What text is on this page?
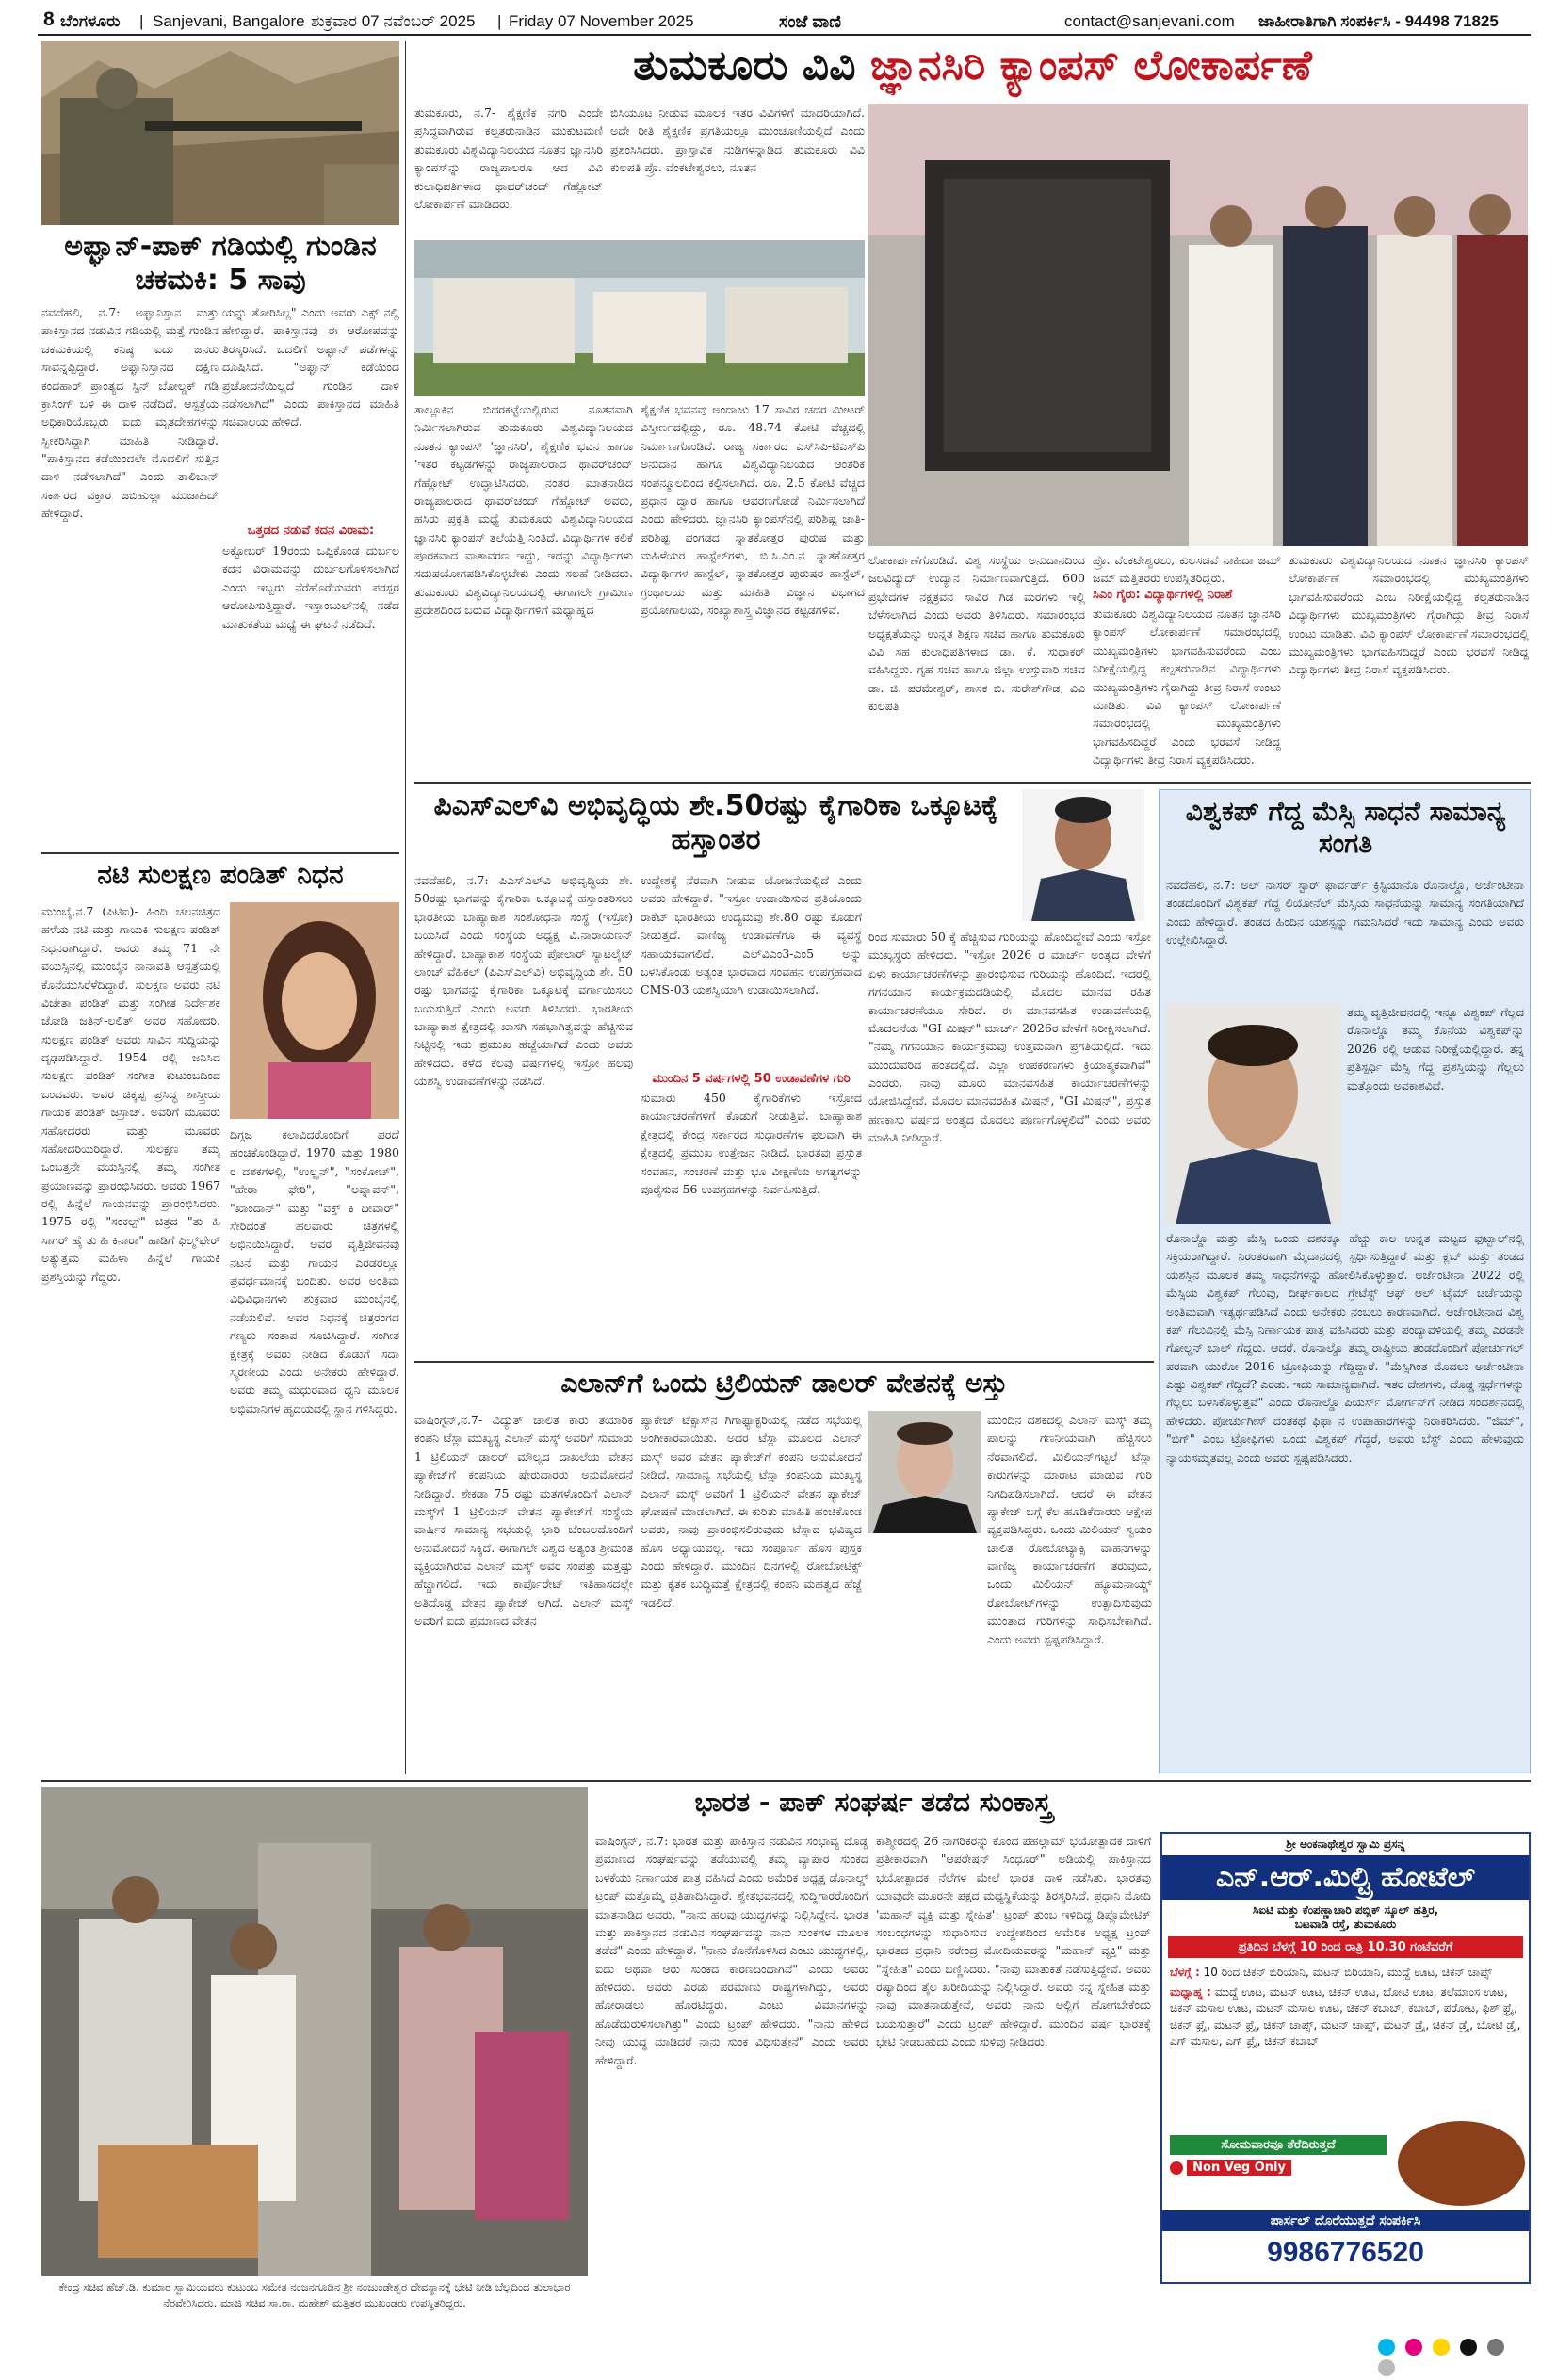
8 ಬೆಂಗಳೂರು | Sanjevani, Bangalore ಶುಕ್ರವಾರ 07 ನವೆಂಬರ್ 2025 | Friday 07 November 2025	ಸಂಜೆ ವಾಣಿ	contact@sanjevani.com ಜಾಹೀರಾತಿಗಾಗಿ ಸಂಪರ್ಕಿಸಿ - 94498 71825
ಅಫ್ಘಾನ್-ಪಾಕ್ ಗಡಿಯಲ್ಲಿ ಗುಂಡಿನ ಚಕಮಕಿ: 5 ಸಾವು
ನವದೆಹಲಿ, ನ.7: ಅಫ್ಘಾನಿಸ್ತಾನ ಮತ್ತು ಪಾಕಿಸ್ತಾನದ ನಡುವಿನ ಗಡಿಯಲ್ಲಿ ಮತ್ತೆ ಗುಂಡಿನ ಚಕಮಕಿಯಲ್ಲಿ ಕನಿಷ್ಠ ಐದು ಜನರು ಸಾವನ್ನಪ್ಪಿದ್ದಾರೆ. ಅಫ್ಘಾನಿಸ್ತಾನದ ದಕ್ಷಿಣ ಕಂದಹಾರ್ ಪ್ರಾಂತ್ಯದ ಸ್ಪಿನ್ ಬೋಲ್ಡಕ್ ಗಡಿ ಕ್ರಾಸಿಂಗ್ ಬಳಿ ಈ ದಾಳಿ ನಡೆದಿದೆ. ಆಸ್ಪತ್ರೆಯ ಅಧಿಕಾರಿಯೊಬ್ಬರು ಐದು ಮೃತದೇಹಗಳನ್ನು ಸ್ವೀಕರಿಸಿದ್ದಾಗಿ ಮಾಹಿತಿ ನೀಡಿದ್ದಾರೆ. "ಪಾಕಿಸ್ತಾನದ ಕಡೆಯಿಂದಲೇ ಮೊದಲಿಗೆ ಸುತ್ತಿನ ದಾಳಿ ನಡೆಸಲಾಗಿದೆ" ಎಂದು ತಾಲಿಬಾನ್ ಸರ್ಕಾರದ ವಕ್ತಾರ ಜಬಿಹುಲ್ಲಾ ಮುಜಾಹಿದ್ ಹೇಳಿದ್ದಾರೆ.
ಯನ್ನು ತೋರಿಸಿಲ್ಲ" ಎಂದು ಅವರು ಎಕ್ಸ್ ನಲ್ಲಿ ಹೇಳಿದ್ದಾರೆ. ಪಾಕಿಸ್ತಾನವು ಈ ಆರೋಪವನ್ನು ತಿರಸ್ಕರಿಸಿದೆ. ಬದಲಿಗೆ ಅಫ್ಘಾನ್ ಪಡೆಗಳನ್ನು ದೂಷಿಸಿದೆ. "ಅಫ್ಘಾನ್ ಕಡೆಯಿಂದ ಪ್ರಚೋದನೆಯಿಲ್ಲದೆ ಗುಂಡಿನ ದಾಳಿ ನಡೆಸಲಾಗಿದೆ" ಎಂದು ಪಾಕಿಸ್ತಾನದ ಮಾಹಿತಿ ಸಚಿವಾಲಯ ಹೇಳಿದೆ.
ಒತ್ತಡದ ನಡುವೆ ಕದನ ವಿರಾಮ:
ಅಕ್ಟೋಬರ್ 19ರಂದು ಒಪ್ಪಿಕೊಂಡ ದುರ್ಬಲ ಕದನ ವಿರಾಮವನ್ನು ದುರ್ಬಲಗೊಳಿಸಲಾಗಿದೆ ಎಂದು ಇಬ್ಬರು ನೆರೆಹೊರೆಯವರು ಪರಸ್ಪರ ಆರೋಪಿಸುತ್ತಿದ್ದಾರೆ. ಇಸ್ತಾಂಬುಲ್‌ನಲ್ಲಿ ನಡೆದ ಮಾತುಕತೆಯ ಮಧ್ಯೆ ಈ ಘಟನೆ ನಡೆದಿದೆ.
ತುಮಕೂರು ವಿವಿ ಜ್ಞಾನಸಿರಿ ಕ್ಯಾಂಪಸ್ ಲೋಕಾರ್ಪಣೆ
ತುಮಕೂರು, ನ.7- ಶೈಕ್ಷಣಿಕ ನಗರಿ ಎಂದೇ ಪ್ರಸಿದ್ಧವಾಗಿರುವ ಕಲ್ಪತರುನಾಡಿನ ಮುಕುಟಮಣಿ ತುಮಕೂರು ವಿಶ್ವವಿದ್ಯಾನಿಲಯದ ನೂತನ ಜ್ಞಾನಸಿರಿ ಕ್ಯಾಂಪಸ್‌ನ್ನು ರಾಜ್ಯಪಾಲರೂ ಆದ ವಿವಿ ಕುಲಾಧಿಪತಿಗಳಾದ ಥಾವರ್‌ಚಂದ್ ಗೆಹ್ಲೋಟ್ ಲೋಕಾರ್ಪಣೆ ಮಾಡಿದರು.
ಬಿಸಿಯೂಟ ನೀಡುವ ಮೂಲಕ ಇತರ ವಿವಿಗಳಿಗೆ ಮಾದರಿಯಾಗಿದೆ. ಅದೇ ರೀತಿ ಶೈಕ್ಷಣಿಕ ಪ್ರಗತಿಯಲ್ಲೂ ಮುಂಚೂಣಿಯಲ್ಲಿದೆ ಎಂದು ಪ್ರಶಂಸಿಸಿದರು. ಪ್ರಾಸ್ತಾವಿಕ ನುಡಿಗಳನ್ನಾಡಿದ ತುಮಕೂರು ವಿವಿ ಕುಲಪತಿ ಪ್ರೊ. ವೆಂಕಟೇಶ್ವರಲು, ನೂತನ
ತಾಲ್ಲೂಕಿನ ಬಿದರಕಟ್ಟೆಯಲ್ಲಿರುವ ನೂತನವಾಗಿ ನಿರ್ಮಿಸಲಾಗಿರುವ ತುಮಕೂರು ವಿಶ್ವವಿದ್ಯಾನಿಲಯದ ನೂತನ ಕ್ಯಾಂಪಸ್ 'ಜ್ಞಾನಸಿರಿ', ಶೈಕ್ಷಣಿಕ ಭವನ ಹಾಗೂ 'ಇತರ ಕಟ್ಟಡಗಳನ್ನು ರಾಜ್ಯಪಾಲರಾದ ಥಾವರ್‌ಚಂದ್ ಗೆಹ್ಲೋಟ್ ಉದ್ಘಾಟಿಸಿದರು. ನಂತರ ಮಾತನಾಡಿದ ರಾಜ್ಯಪಾಲರಾದ ಥಾವರ್‌ಚಂದ್ ಗೆಹ್ಲೋಟ್ ಅವರು, ಹಸಿರು ಪ್ರಕೃತಿ ಮಧ್ಯೆ ತುಮಕೂರು ವಿಶ್ವವಿದ್ಯಾನಿಲಯದ ಜ್ಞಾನಸಿರಿ ಕ್ಯಾಂಪಸ್ ತಲೆಯೆತ್ತಿ ನಿಂತಿದೆ. ವಿದ್ಯಾರ್ಥಿಗಳ ಕಲಿಕೆ ಪೂರಕವಾದ ವಾತಾವರಣ ಇದ್ದು, ಇದನ್ನು ವಿದ್ಯಾರ್ಥಿಗಳು ಸದುಪಯೋಗಪಡಿಸಿಕೊಳ್ಳಬೇಕು ಎಂದು ಸಲಹೆ ನೀಡಿದರು. ತುಮಕೂರು ವಿಶ್ವವಿದ್ಯಾನಿಲಯದಲ್ಲಿ ಈಗಾಗಲೇ ಗ್ರಾಮೀಣ ಪ್ರದೇಶದಿಂದ ಬರುವ ವಿದ್ಯಾರ್ಥಿಗಳಿಗೆ ಮಧ್ಯಾಹ್ನದ
ಶೈಕ್ಷಣಿಕ ಭವನವು ಅಂದಾಜು 17 ಸಾವಿರ ಚದರ ಮೀಟರ್ ವಿಸ್ತೀರ್ಣದಲ್ಲಿದ್ದು, ರೂ. 48.74 ಕೋಟಿ ವೆಚ್ಚದಲ್ಲಿ ನಿರ್ಮಾಣಗೊಂಡಿದೆ. ರಾಜ್ಯ ಸರ್ಕಾರದ ಎಸ್‌ಸಿಪಿ-ಟಿಎಸ್‌ಪಿ ಅನುದಾನ ಹಾಗೂ ವಿಶ್ವವಿದ್ಯಾನಿಲಯದ ಆಂತರಿಕ ಸಂಪನ್ಮೂಲದಿಂದ ಕಲ್ಪಿಸಲಾಗಿದೆ. ರೂ. 2.5 ಕೋಟಿ ವೆಚ್ಚದ ಪ್ರಧಾನ ದ್ವಾರ ಹಾಗೂ ಆವರಣಗೋಡೆ ನಿರ್ಮಿಸಲಾಗಿದೆ ಎಂದು ಹೇಳಿದರು. ಜ್ಞಾನಸಿರಿ ಕ್ಯಾಂಪಸ್‌ನಲ್ಲಿ ಪರಿಶಿಷ್ಟ ಜಾತಿ-ಪರಿಶಿಷ್ಟ ಪಂಗಡದ ಸ್ನಾತಕೋತ್ತರ ಪುರುಷ ಮತ್ತು ಮಹಿಳೆಯರ ಹಾಸ್ಟೆಲ್‌ಗಳು, ಬಿ.ಸಿ.ಎಂ.ನ ಸ್ನಾತಕೋತ್ತರ ವಿದ್ಯಾರ್ಥಿಗಳ ಹಾಸ್ಟೆಲ್, ಸ್ನಾತಕೋತ್ತರ ಪುರುಷರ ಹಾಸ್ಟೆಲ್, ಗ್ರಂಥಾಲಯ ಮತ್ತು ಮಾಹಿತಿ ವಿಜ್ಞಾನ ವಿಭಾಗದ ಪ್ರಯೋಗಾಲಯ, ಸಂಖ್ಯಾಶಾಸ್ತ್ರ ವಿಜ್ಞಾನದ ಕಟ್ಟಡಗಳಿವೆ.
ಲೋಕಾರ್ಪಣೆಗೊಂಡಿದೆ. ವಿಶ್ವ ಸಂಸ್ಥೆಯ ಅನುದಾನದಿಂದ ಜಲವಿದ್ಯುದ್ ಉದ್ಯಾನ ನಿರ್ಮಾಣವಾಗುತ್ತಿದೆ. 600 ಪ್ರಭೇದಗಳ ನಕ್ಷತ್ರವನ ಸಾವಿರ ಗಿಡ ಮರಗಳು ಇಲ್ಲಿ ಬೆಳೆಸಲಾಗಿದೆ ಎಂದು ಅವರು ತಿಳಿಸಿದರು. ಸಮಾರಂಭದ ಅಧ್ಯಕ್ಷತೆಯನ್ನು ಉನ್ನತ ಶಿಕ್ಷಣ ಸಚಿವ ಹಾಗೂ ತುಮಕೂರು ವಿವಿ ಸಹ ಕುಲಾಧಿಪತಿಗಳಾದ ಡಾ. ಕೆ. ಸುಧಾಕರ್ ವಹಿಸಿದ್ದರು. ಗೃಹ ಸಚಿವ ಹಾಗೂ ಜಿಲ್ಲಾ ಉಸ್ತುವಾರಿ ಸಚಿವ ಡಾ. ಜಿ. ಪರಮೇಶ್ವರ್, ಶಾಸಕ ಬಿ. ಸುರೇಶ್‌ಗೌಡ, ವಿವಿ ಕುಲಪತಿ
ಪ್ರೊ. ವೆಂಕಟೇಶ್ವರಲು, ಕುಲಸಚಿವೆ ನಾಹಿದಾ ಜಮ್ ಜಮ್ ಮತ್ತಿತರರು ಉಪಸ್ಥಿತರಿದ್ದರು.
ಸಿಎಂ ಗೈರು: ವಿದ್ಯಾರ್ಥಿಗಳಲ್ಲಿ ನಿರಾಶೆ
ತುಮಕೂರು ವಿಶ್ವವಿದ್ಯಾನಿಲಯದ ನೂತನ ಜ್ಞಾನಸಿರಿ ಕ್ಯಾಂಪಸ್ ಲೋಕಾರ್ಪಣೆ ಸಮಾರಂಭದಲ್ಲಿ ಮುಖ್ಯಮಂತ್ರಿಗಳು ಭಾಗವಹಿಸುವರೆಂದು ಎಂಬ ನಿರೀಕ್ಷೆಯಲ್ಲಿದ್ದ ಕಲ್ಪತರುನಾಡಿನ ವಿದ್ಯಾರ್ಥಿಗಳು ಮುಖ್ಯಮಂತ್ರಿಗಳು ಗೈರಾಗಿದ್ದು ತೀವ್ರ ನಿರಾಸೆ ಉಂಟು ಮಾಡಿತು. ವಿವಿ ಕ್ಯಾಂಪಸ್ ಲೋಕಾರ್ಪಣೆ ಸಮಾರಂಭದಲ್ಲಿ ಮುಖ್ಯಮಂತ್ರಿಗಳು ಭಾಗವಹಿಸದಿದ್ದರೆ ಎಂದು ಭರವಸೆ ನೀಡಿದ್ದ ವಿದ್ಯಾರ್ಥಿಗಳು ತೀವ್ರ ನಿರಾಸೆ ವ್ಯಕ್ತಪಡಿಸಿದರು.
ತುಮಕೂರು ವಿಶ್ವವಿದ್ಯಾನಿಲಯದ ನೂತನ ಜ್ಞಾನಸಿರಿ ಕ್ಯಾಂಪಸ್ ಲೋಕಾರ್ಪಣೆ ಸಮಾರಂಭದಲ್ಲಿ ಮುಖ್ಯಮಂತ್ರಿಗಳು ಭಾಗವಹಿಸುವರೆಂದು ಎಂಬ ನಿರೀಕ್ಷೆಯಲ್ಲಿದ್ದ ಕಲ್ಪತರುನಾಡಿನ ವಿದ್ಯಾರ್ಥಿಗಳು ಮುಖ್ಯಮಂತ್ರಿಗಳು ಗೈರಾಗಿದ್ದು ತೀವ್ರ ನಿರಾಸೆ ಉಂಟು ಮಾಡಿತು. ವಿವಿ ಕ್ಯಾಂಪಸ್ ಲೋಕಾರ್ಪಣೆ ಸಮಾರಂಭದಲ್ಲಿ ಮುಖ್ಯಮಂತ್ರಿಗಳು ಭಾಗವಹಿಸದಿದ್ದರೆ ಎಂದು ಭರವಸೆ ನೀಡಿದ್ದ ವಿದ್ಯಾರ್ಥಿಗಳು ತೀವ್ರ ನಿರಾಸೆ ವ್ಯಕ್ತಪಡಿಸಿದರು.
ನಟಿ ಸುಲಕ್ಷಣ ಪಂಡಿತ್ ನಿಧನ
ಮುಂಬೈ,ನ.7 (ಪಿಟಿಐ)- ಹಿಂದಿ ಚಲನಚಿತ್ರದ ಹಳೆಯ ನಟಿ ಮತ್ತು ಗಾಯಕಿ ಸುಲಕ್ಷಣ ಪಂಡಿತ್ ನಿಧನರಾಗಿದ್ದಾರೆ. ಅವರು ತಮ್ಮ 71 ನೇ ವಯಸ್ಸಿನಲ್ಲಿ ಮುಂಬೈನ ನಾನಾವತಿ ಆಸ್ಪತ್ರೆಯಲ್ಲಿ ಕೊನೆಯುಸಿರೆಳೆದಿದ್ದಾರೆ. ಸುಲಕ್ಷಣ ಅವರು ನಟಿ ವಿಜೇತಾ ಪಂಡಿತ್ ಮತ್ತು ಸಂಗೀತ ನಿರ್ದೇಶಕ ಜೋಡಿ ಜತಿನ್-ಲಲಿತ್ ಅವರ ಸಹೋದರಿ. ಸುಲಕ್ಷಣ ಪಂಡಿತ್ ಅವರು ಸಾವಿನ ಸುದ್ದಿಯನ್ನು ದೃಢಪಡಿಸಿದ್ದಾರೆ. 1954 ರಲ್ಲಿ ಜನಿಸಿದ ಸುಲಕ್ಷಣ ಪಂಡಿತ್ ಸಂಗೀತ ಕುಟುಂಬದಿಂದ ಬಂದವರು. ಅವರ ಚಿಕ್ಕಪ್ಪ ಪ್ರಸಿದ್ಧ ಶಾಸ್ತ್ರೀಯ ಗಾಯಕ ಪಂಡಿತ್ ಜಸ್ರಾಜ್. ಅವರಿಗೆ ಮೂವರು ಸಹೋದರರು ಮತ್ತು ಮೂವರು ಸಹೋದರಿಯರಿದ್ದಾರೆ. ಸುಲಕ್ಷಣ ತಮ್ಮ ಒಂಬತ್ತನೇ ವಯಸ್ಸಿನಲ್ಲಿ ತಮ್ಮ ಸಂಗೀತ ಪ್ರಯಾಣವನ್ನು ಪ್ರಾರಂಭಿಸಿದರು. ಅವರು 1967 ರಲ್ಲಿ ಹಿನ್ನೆಲೆ ಗಾಯನವನ್ನು ಪ್ರಾರಂಭಿಸಿದರು. 1975 ರಲ್ಲಿ "ಸಂಕಲ್ಪ್" ಚಿತ್ರದ "ತು ಹಿ ಸಾಗರ್ ಹೈ ತು ಹಿ ಕಿನಾರಾ" ಹಾಡಿಗೆ ಫಿಲ್ಮ್‌ಫೇರ್ ಅತ್ಯುತ್ತಮ ಮಹಿಳಾ ಹಿನ್ನೆಲೆ ಗಾಯಕಿ ಪ್ರಶಸ್ತಿಯನ್ನು ಗೆದ್ದರು.
ದಿಗ್ಗಜ ಕಲಾವಿದರೊಂದಿಗೆ ಪರದೆ ಹಂಚಿಕೊಂಡಿದ್ದಾರೆ. 1970 ಮತ್ತು 1980 ರ ದಶಕಗಳಲ್ಲಿ, "ಉಲ್ಝನ್", "ಸಂಕೋಚ್", "ಹೇರಾ ಫೇರಿ", "ಅಪ್ನಾಪನ್", "ಖಾಂದಾನ್" ಮತ್ತು "ವಕ್ತ್ ಕಿ ದೀವಾರ್" ಸೇರಿದಂತೆ ಹಲವಾರು ಚಿತ್ರಗಳಲ್ಲಿ ಅಭಿನಯಿಸಿದ್ದಾರೆ. ಅವರ ವೃತ್ತಿಜೀವನವು ನಟನೆ ಮತ್ತು ಗಾಯನ ಎರಡರಲ್ಲೂ ಪ್ರವರ್ಧಮಾನಕ್ಕೆ ಬಂದಿತು. ಅವರ ಅಂತಿಮ ವಿಧಿವಿಧಾನಗಳು ಶುಕ್ರವಾರ ಮುಂಬೈನಲ್ಲಿ ನಡೆಯಲಿವೆ. ಅವರ ನಿಧನಕ್ಕೆ ಚಿತ್ರರಂಗದ ಗಣ್ಯರು ಸಂತಾಪ ಸೂಚಿಸಿದ್ದಾರೆ. ಸಂಗೀತ ಕ್ಷೇತ್ರಕ್ಕೆ ಅವರು ನೀಡಿದ ಕೊಡುಗೆ ಸದಾ ಸ್ಮರಣೀಯ ಎಂದು ಅನೇಕರು ಹೇಳಿದ್ದಾರೆ. ಅವರು ತಮ್ಮ ಮಧುರವಾದ ಧ್ವನಿ ಮೂಲಕ ಅಭಿಮಾನಿಗಳ ಹೃದಯದಲ್ಲಿ ಸ್ಥಾನ ಗಳಿಸಿದ್ದರು.
ಪಿಎಸ್‌ಎಲ್‌ವಿ ಅಭಿವೃದ್ಧಿಯ ಶೇ.50ರಷ್ಟು ಕೈಗಾರಿಕಾ ಒಕ್ಕೂಟಕ್ಕೆ ಹಸ್ತಾಂತರ
ನವದೆಹಲಿ, ನ.7: ಪಿಎಸ್‌ಎಲ್‌ವಿ ಅಭಿವೃದ್ಧಿಯ ಶೇ. 50ರಷ್ಟು ಭಾಗವನ್ನು ಕೈಗಾರಿಕಾ ಒಕ್ಕೂಟಕ್ಕೆ ಹಸ್ತಾಂತರಿಸಲು ಭಾರತೀಯ ಬಾಹ್ಯಾಕಾಶ ಸಂಶೋಧನಾ ಸಂಸ್ಥೆ (ಇಸ್ರೋ) ಬಯಸಿದೆ ಎಂದು ಸಂಸ್ಥೆಯ ಅಧ್ಯಕ್ಷ ವಿ.ನಾರಾಯಣನ್ ಹೇಳಿದ್ದಾರೆ. ಬಾಹ್ಯಾಕಾಶ ಸಂಸ್ಥೆಯ ಪೋಲಾರ್ ಸ್ಯಾಟಲೈಟ್ ಲಾಂಚ್ ವೆಹಿಕಲ್ (ಪಿಎಸ್‌ಎಲ್‌ವಿ) ಅಭಿವೃದ್ಧಿಯ ಶೇ. 50 ರಷ್ಟು ಭಾಗವನ್ನು ಕೈಗಾರಿಕಾ ಒಕ್ಕೂಟಕ್ಕೆ ವರ್ಗಾಯಿಸಲು ಬಯಸುತ್ತಿದೆ ಎಂದು ಅವರು ತಿಳಿಸಿದರು. ಭಾರತೀಯ ಬಾಹ್ಯಾಕಾಶ ಕ್ಷೇತ್ರದಲ್ಲಿ ಖಾಸಗಿ ಸಹಭಾಗಿತ್ವವನ್ನು ಹೆಚ್ಚಿಸುವ ನಿಟ್ಟಿನಲ್ಲಿ ಇದು ಪ್ರಮುಖ ಹೆಜ್ಜೆಯಾಗಿದೆ ಎಂದು ಅವರು ಹೇಳಿದರು. ಕಳೆದ ಕೆಲವು ವರ್ಷಗಳಲ್ಲಿ ಇಸ್ರೋ ಹಲವು ಯಶಸ್ವಿ ಉಡಾವಣೆಗಳನ್ನು ನಡೆಸಿದೆ.
ಉದ್ದೇಶಕ್ಕೆ ನೆರವಾಗಿ ನೀಡುವ ಯೋಜನೆಯಲ್ಲಿದೆ ಎಂದು ಅವರು ಹೇಳಿದ್ದಾರೆ. "ಇಸ್ರೋ ಉಡಾಯಿಸುವ ಪ್ರತಿಯೊಂದು ರಾಕೆಟ್ ಭಾರತೀಯ ಉದ್ಯಮವು ಶೇ.80 ರಷ್ಟು ಕೊಡುಗೆ ನೀಡುತ್ತದೆ. ವಾಣಿಜ್ಯ ಉಡಾವಣೆಗೂ ಈ ವ್ಯವಸ್ಥೆ ಸಹಾಯಕವಾಗಲಿದೆ. ಎಲ್‌ವಿಎಂ3-ಎಂ5 ಅನ್ನು ಬಳಸಿಕೊಂಡು ಅತ್ಯಂತ ಭಾರವಾದ ಸಂವಹನ ಉಪಗ್ರಹವಾದ CMS-03 ಯಶಸ್ವಿಯಾಗಿ ಉಡಾಯಿಸಲಾಗಿದೆ.
ಮುಂದಿನ 5 ವರ್ಷಗಳಲ್ಲಿ 50 ಉಡಾವಣೆಗಳ ಗುರಿ
ಸುಮಾರು 450 ಕೈಗಾರಿಕೆಗಳು ಇಸ್ರೋದ ಕಾರ್ಯಾಚರಣೆಗಳಿಗೆ ಕೊಡುಗೆ ನೀಡುತ್ತಿವೆ. ಬಾಹ್ಯಾಕಾಶ ಕ್ಷೇತ್ರದಲ್ಲಿ ಕೇಂದ್ರ ಸರ್ಕಾರದ ಸುಧಾರಣೆಗಳ ಫಲವಾಗಿ ಈ ಕ್ಷೇತ್ರದಲ್ಲಿ ಪ್ರಮುಖ ಉತ್ತೇಜನ ನೀಡಿದೆ. ಭಾರತವು ಪ್ರಸ್ತುತ ಸಂವಹನ, ಸಂಚರಣೆ ಮತ್ತು ಭೂ ವೀಕ್ಷಣೆಯ ಅಗತ್ಯಗಳನ್ನು ಪೂರೈಸುವ 56 ಉಪಗ್ರಹಗಳನ್ನು ನಿರ್ವಹಿಸುತ್ತಿದೆ.
ರಿಂದ ಸುಮಾರು 50 ಕ್ಕೆ ಹೆಚ್ಚಿಸುವ ಗುರಿಯನ್ನು ಹೊಂದಿದ್ದೇವೆ ಎಂದು ಇಸ್ರೋ ಮುಖ್ಯಸ್ಥರು ಹೇಳಿದರು. "ಇಸ್ರೋ 2026 ರ ಮಾರ್ಚ್ ಅಂತ್ಯದ ವೇಳೆಗೆ ಏಳು ಕಾರ್ಯಾಚರಣೆಗಳನ್ನು ಪ್ರಾರಂಭಿಸುವ ಗುರಿಯನ್ನು ಹೊಂದಿದೆ. ಇದರಲ್ಲಿ ಗಗನಯಾನ ಕಾರ್ಯಕ್ರಮದಡಿಯಲ್ಲಿ ಮೊದಲ ಮಾನವ ರಹಿತ ಕಾರ್ಯಾಚರಣೆಯೂ ಸೇರಿದೆ. ಈ ಮಾನವಸಹಿತ ಉಡಾವಣೆಯಲ್ಲಿ ಮೊದಲನೆಯ "GI ಮಿಷನ್" ಮಾರ್ಚ್ 2026ರ ವೇಳೆಗೆ ನಿರೀಕ್ಷಿಸಲಾಗಿದೆ. "ನಮ್ಮ ಗಗನಯಾನ ಕಾರ್ಯಕ್ರಮವು ಉತ್ತಮವಾಗಿ ಪ್ರಗತಿಯಲ್ಲಿದೆ. ಇದು ಮುಂದುವರಿದ ಹಂತದಲ್ಲಿದೆ. ಎಲ್ಲಾ ಉಪಕರಣಗಳು ಕ್ರಿಯಾತ್ಮಕವಾಗಿವೆ" ಎಂದರು. ನಾವು ಮೂರು ಮಾನವಸಹಿತ ಕಾರ್ಯಾಚರಣೆಗಳನ್ನು ಯೋಜಿಸಿದ್ದೇವೆ. ಮೊದಲ ಮಾನವರಹಿತ ಮಿಷನ್, "GI ಮಿಷನ್", ಪ್ರಸ್ತುತ ಹಣಕಾಸು ವರ್ಷದ ಅಂತ್ಯದ ಮೊದಲು ಪೂರ್ಣಗೊಳ್ಳಲಿದೆ" ಎಂದು ಅವರು ಮಾಹಿತಿ ನೀಡಿದ್ದಾರೆ.
ಎಲಾನ್‌ಗೆ ಒಂದು ಟ್ರಿಲಿಯನ್ ಡಾಲರ್ ವೇತನಕ್ಕೆ ಅಸ್ತು
ವಾಷಿಂಗ್ಟನ್,ನ.7- ವಿದ್ಯುತ್ ಚಾಲಿತ ಕಾರು ತಯಾರಿಕ ಕಂಪನಿ ಟೆಸ್ಲಾ ಮುಖ್ಯಸ್ಥ ಎಲಾನ್ ಮಸ್ಕ್ ಅವರಿಗೆ ಸುಮಾರು 1 ಟ್ರಿಲಿಯನ್ ಡಾಲರ್ ಮೌಲ್ಯದ ದಾಖಲೆಯ ವೇತನ ಪ್ಯಾಕೇಜ್‌ಗೆ ಕಂಪನಿಯ ಷೇರುದಾರರು ಅನುಮೋದನೆ ನೀಡಿದ್ದಾರೆ. ಶೇಕಡಾ 75 ರಷ್ಟು ಮತಗಳೊಂದಿಗೆ ಎಲಾನ್ ಮಸ್ಕ್‌ಗೆ 1 ಟ್ರಿಲಿಯನ್ ವೇತನ ಪ್ಯಾಕೇಜ್‌ಗೆ ಸಂಸ್ಥೆಯ ವಾರ್ಷಿಕ ಸಾಮಾನ್ಯ ಸಭೆಯಲ್ಲಿ ಭಾರಿ ಬೆಂಬಲದೊಂದಿಗೆ ಅನುಮೋದನೆ ಸಿಕ್ಕಿದೆ. ಈಗಾಗಲೇ ವಿಶ್ವದ ಅತ್ಯಂತ ಶ್ರೀಮಂತ ವ್ಯಕ್ತಿಯಾಗಿರುವ ಎಲಾನ್ ಮಸ್ಕ್ ಅವರ ಸಂಪತ್ತು ಮತ್ತಷ್ಟು ಹೆಚ್ಚಾಗಲಿದೆ. ಇದು ಕಾರ್ಪೊರೇಟ್ ಇತಿಹಾಸದಲ್ಲೇ ಅತಿದೊಡ್ಡ ವೇತನ ಪ್ಯಾಕೇಜ್ ಆಗಿದೆ. ಎಲಾನ್ ಮಸ್ಕ್ ಅವರಿಗೆ ಐದು ಪ್ರಮಾಣದ ವೇತನ
ಪ್ಯಾಕೇಜ್ ಟೆಕ್ಸಾಸ್‌ನ ಗಿಗಾಫ್ಯಾಕ್ಟರಿಯಲ್ಲಿ ನಡೆದ ಸಭೆಯಲ್ಲಿ ಅಂಗೀಕಾರವಾಯಿತು. ಅದರ ಟೆಸ್ಲಾ ಮೂಲದ ಎಲಾನ್ ಮಸ್ಕ್ ಅವರ ವೇತನ ಪ್ಯಾಕೇಜ್‌ಗೆ ಕಂಪನಿ ಅನುಮೋದನೆ ನೀಡಿದೆ. ಸಾಮಾನ್ಯ ಸಭೆಯಲ್ಲಿ ಟೆಸ್ಲಾ ಕಂಪನಿಯ ಮುಖ್ಯಸ್ಥ ಎಲಾನ್ ಮಸ್ಕ್ ಅವರಿಗೆ 1 ಟ್ರಿಲಿಯನ್ ವೇತನ ಪ್ಯಾಕೇಜ್ ಘೋಷಣೆ ಮಾಡಲಾಗಿದೆ. ಈ ಕುರಿತು ಮಾಹಿತಿ ಹಂಚಿಕೊಂಡ ಅವರು, ನಾವು ಪ್ರಾರಂಭಿಸಲಿರುವುದು ಟೆಸ್ಲಾದ ಭವಿಷ್ಯದ ಹೊಸ ಅಧ್ಯಾಯವಲ್ಲ. ಇದು ಸಂಪೂರ್ಣ ಹೊಸ ಪುಸ್ತಕ ಎಂದು ಹೇಳಿದ್ದಾರೆ. ಮುಂದಿನ ದಿನಗಳಲ್ಲಿ ರೋಬೋಟಿಕ್ಸ್ ಮತ್ತು ಕೃತಕ ಬುದ್ಧಿಮತ್ತೆ ಕ್ಷೇತ್ರದಲ್ಲಿ ಕಂಪನಿ ಮಹತ್ವದ ಹೆಜ್ಜೆ ಇಡಲಿದೆ.
ಮುಂದಿನ ದಶಕದಲ್ಲಿ ಎಲಾನ್ ಮಸ್ಕ್ ತಮ್ಮ ಪಾಲನ್ನು ಗಣನೀಯವಾಗಿ ಹೆಚ್ಚಿಸಲು ನೆರವಾಗಲಿದೆ. ಮಿಲಿಯನ್‌ಗಟ್ಟಲೆ ಟೆಸ್ಲಾ ಕಾರುಗಳನ್ನು ಮಾರಾಟ ಮಾಡುವ ಗುರಿ ನಿಗದಿಪಡಿಸಲಾಗಿದೆ. ಆದರೆ ಈ ವೇತನ ಪ್ಯಾಕೇಜ್‌ ಬಗ್ಗೆ ಕೆಲ ಹೂಡಿಕೆದಾರರು ಆಕ್ಷೇಪ ವ್ಯಕ್ತಪಡಿಸಿದ್ದರು. ಒಂದು ಮಿಲಿಯನ್ ಸ್ವಯಂ ಚಾಲಿತ ರೋಬೋಟ್ಯಾಕ್ಸಿ ವಾಹನಗಳನ್ನು ವಾಣಿಜ್ಯ ಕಾರ್ಯಾಚರಣೆಗೆ ತರುವುದು, ಒಂದು ಮಿಲಿಯನ್ ಹ್ಯೂಮನಾಯ್ಡ್ ರೋಬೋಟ್‌ಗಳನ್ನು ಉತ್ಪಾದಿಸುವುದು ಮುಂತಾದ ಗುರಿಗಳನ್ನು ಸಾಧಿಸಬೇಕಾಗಿದೆ. ಎಂದು ಅವರು ಸ್ಪಷ್ಟಪಡಿಸಿದ್ದಾರೆ.
ವಿಶ್ವಕಪ್ ಗೆದ್ದ ಮೆಸ್ಸಿ ಸಾಧನೆ ಸಾಮಾನ್ಯ ಸಂಗತಿ
ನವದೆಹಲಿ, ನ.7: ಅಲ್ ನಾಸರ್ ಸ್ಟಾರ್ ಫಾರ್ವರ್ಡ್ ಕ್ರಿಸ್ಟಿಯಾನೊ ರೊನಾಲ್ಡೊ, ಅರ್ಜೆಂಟೀನಾ ತಂಡದೊಂದಿಗೆ ವಿಶ್ವಕಪ್ ಗೆದ್ದ ಲಿಯೋನೆಲ್ ಮೆಸ್ಸಿಯ ಸಾಧನೆಯನ್ನು ಸಾಮಾನ್ಯ ಸಂಗತಿಯಾಗಿದೆ ಎಂದು ಹೇಳಿದ್ದಾರೆ. ತಂಡದ ಹಿಂದಿನ ಯಶಸ್ಸನ್ನು ಗಮನಿಸಿದರೆ ಇದು ಸಾಮಾನ್ಯ ಎಂದು ಅವರು ಉಲ್ಲೇಖಿಸಿದ್ದಾರೆ.
ತಮ್ಮ ವೃತ್ತಿಜೀವನದಲ್ಲಿ ಇನ್ನೂ ವಿಶ್ವಕಪ್ ಗೆಲ್ಲದ ರೊನಾಲ್ಡೊ ತಮ್ಮ ಕೊನೆಯ ವಿಶ್ವಕಪ್‌ನ್ನು 2026 ರಲ್ಲಿ ಆಡುವ ನಿರೀಕ್ಷೆಯಲ್ಲಿದ್ದಾರೆ. ತನ್ನ ಪ್ರತಿಸ್ಪರ್ಧಿ ಮೆಸ್ಸಿ ಗೆದ್ದ ಪ್ರಶಸ್ತಿಯನ್ನು ಗೆಲ್ಲಲು ಮತ್ತೊಂದು ಅವಕಾಶವಿದೆ.
ರೊನಾಲ್ಡೊ ಮತ್ತು ಮೆಸ್ಸಿ ಒಂದು ದಶಕಕ್ಕೂ ಹೆಚ್ಚು ಕಾಲ ಉನ್ನತ ಮಟ್ಟದ ಫುಟ್ಬಾಲ್‌ನಲ್ಲಿ ಸಕ್ರಿಯರಾಗಿದ್ದಾರೆ. ನಿರಂತರವಾಗಿ ಮೈದಾನದಲ್ಲಿ ಸ್ಪರ್ಧಿಸುತ್ತಿದ್ದಾರೆ ಮತ್ತು ಕ್ಲಬ್ ಮತ್ತು ತಂಡದ ಯಶಸ್ಸಿನ ಮೂಲಕ ತಮ್ಮ ಸಾಧನೆಗಳನ್ನು ಹೋಲಿಸಿಕೊಳ್ಳುತ್ತಾರೆ. ಅರ್ಜೆಂಟೀನಾ 2022 ರಲ್ಲಿ ಮೆಸ್ಸಿಯ ವಿಶ್ವಕಪ್ ಗೆಲುವು, ದೀರ್ಘಕಾಲದ ಗ್ರೇಟೆಸ್ಟ್ ಆಫ್ ಆಲ್ ಟೈಮ್ ಚರ್ಚೆಯನ್ನು ಅಂತಿಮವಾಗಿ ಇತ್ಯರ್ಥಪಡಿಸಿದೆ ಎಂದು ಅನೇಕರು ನಂಬಲು ಕಾರಣವಾಗಿದೆ. ಅರ್ಜೆಂಟೀನಾದ ವಿಶ್ವ ಕಪ್ ಗೆಲುವಿನಲ್ಲಿ ಮೆಸ್ಸಿ ನಿರ್ಣಾಯಕ ಪಾತ್ರ ವಹಿಸಿದರು ಮತ್ತು ಪಂದ್ಯಾವಳಿಯಲ್ಲಿ ತಮ್ಮ ಎರಡನೇ ಗೋಲ್ಡನ್ ಬಾಲ್ ಗೆದ್ದರು. ಆದರೆ, ರೊನಾಲ್ಡೊ ತಮ್ಮ ರಾಷ್ಟ್ರೀಯ ತಂಡದೊಂದಿಗೆ ಪೋರ್ಚುಗಲ್ ಪರವಾಗಿ ಯುರೋ 2016 ಟ್ರೋಫಿಯನ್ನು ಗೆದ್ದಿದ್ದಾರೆ. "ಮೆಸ್ಸಿಗಿಂತ ಮೊದಲು ಅರ್ಜೆಂಟೀನಾ ಎಷ್ಟು ವಿಶ್ವಕಪ್ ಗೆದ್ದಿದೆ? ಎರಡು. ಇದು ಸಾಮಾನ್ಯವಾಗಿದೆ. ಇತರ ದೇಶಗಳು, ದೊಡ್ಡ ಸ್ಪರ್ಧೆಗಳನ್ನು ಗೆಲ್ಲಲು ಬಳಸಿಕೊಳ್ಳುತ್ತವೆ" ಎಂದು ರೊನಾಲ್ಡೊ ಪಿಯರ್ಸ್ ಮೋರ್ಗನ್‌ಗೆ ನೀಡಿದ ಸಂದರ್ಶನದಲ್ಲಿ ಹೇಳಿದರು. ಪೋರ್ಚುಗೀಸ್ ದಂತಕಥೆ ಫಿಫಾ ನ ಉಪಾಹಾರಗಳನ್ನು ನಿರಾಕರಿಸಿದರು. "ಜಿಮ್", "ಬಿಗ್" ಎಂಬ ಟ್ರೋಫಿಗಳು ಒಂದು ವಿಶ್ವಕಪ್ ಗೆದ್ದರೆ, ಅವರು ಬೆಸ್ಟ್ ಎಂದು ಹೇಳುವುದು ನ್ಯಾಯಸಮ್ಮತವಲ್ಲ ಎಂದು ಅವರು ಸ್ಪಷ್ಟಪಡಿಸಿದರು.
ಕೇಂದ್ರ ಸಚಿವ ಹೆಚ್.ಡಿ. ಕುಮಾರ ಸ್ವಾಮಿಯವರು ಕುಟುಂಬ ಸಮೇತ ನಂಜನಗೂಡಿನ ಶ್ರೀ ನಂಜುಂಡೇಶ್ವರ ದೇವಸ್ಥಾನಕ್ಕೆ ಭೇಟಿ ನೀಡಿ ಬೆಲ್ಲದಿಂದ ತುಲಾಭಾರ ನೆರವೇರಿಸಿದರು. ಮಾಜಿ ಸಚಿವ ಸಾ.ರಾ. ಮಹೇಶ್ ಮತ್ತಿತರ ಮುಖಂಡರು ಉಪಸ್ಥಿತರಿದ್ದರು.
ಭಾರತ - ಪಾಕ್ ಸಂಘರ್ಷ ತಡೆದ ಸುಂಕಾಸ್ತ್ರ
ವಾಷಿಂಗ್ಟನ್, ನ.7: ಭಾರತ ಮತ್ತು ಪಾಕಿಸ್ತಾನ ನಡುವಿನ ಸಂಭಾವ್ಯ ದೊಡ್ಡ ಪ್ರಮಾಣದ ಸಂಘರ್ಷವನ್ನು ತಡೆಯುವಲ್ಲಿ ತಮ್ಮ ವ್ಯಾಪಾರ ಸುಂಕದ ಬಳಕೆಯು ನಿರ್ಣಾಯಕ ಪಾತ್ರ ವಹಿಸಿದೆ ಎಂದು ಅಮೆರಿಕ ಅಧ್ಯಕ್ಷ ಡೊನಾಲ್ಡ್ ಟ್ರಂಪ್ ಮತ್ತೊಮ್ಮೆ ಪ್ರತಿಪಾದಿಸಿದ್ದಾರೆ. ಶ್ವೇತಭವನದಲ್ಲಿ ಸುದ್ದಿಗಾರರೊಂದಿಗೆ ಮಾತನಾಡಿದ ಅವರು, "ನಾನು ಹಲವು ಯುದ್ಧಗಳನ್ನು ನಿಲ್ಲಿಸಿದ್ದೇನೆ. ಭಾರತ ಮತ್ತು ಪಾಕಿಸ್ತಾನದ ನಡುವಿನ ಸಂಘರ್ಷವನ್ನು ನಾನು ಸುಂಕಗಳ ಮೂಲಕ ತಡೆದೆ" ಎಂದು ಹೇಳಿದ್ದಾರೆ. "ನಾನು ಕೊನೆಗೊಳಿಸಿದ ಎಂಟು ಯುದ್ಧಗಳಲ್ಲಿ, ಐದು ಅಥವಾ ಆರು ಸುಂಕದ ಕಾರಣದಿಂದಾಗಿವೆ" ಎಂದು ಅವರು ಹೇಳಿದರು. ಅವರು ಎರಡು ಪರಮಾಣು ರಾಷ್ಟ್ರಗಳಾಗಿದ್ದು, ಅವರು ಹೋರಾಡಲು ಹೊರಟಿದ್ದರು. ಎಂಟು ವಿಮಾನಗಳನ್ನು ಹೊಡೆದುರುಳಿಸಲಾಗಿತ್ತು" ಎಂದು ಟ್ರಂಪ್ ಹೇಳಿದರು. "ನಾನು ಹೇಳಿದೆ ನೀವು ಯುದ್ಧ ಮಾಡಿದರೆ ನಾನು ಸುಂಕ ವಿಧಿಸುತ್ತೇನೆ" ಎಂದು ಅವರು ಹೇಳಿದ್ದಾರೆ.
ಕಾಶ್ಮೀರದಲ್ಲಿ 26 ನಾಗರಿಕರನ್ನು ಕೊಂದ ಪಹಲ್ಗಾಮ್ ಭಯೋತ್ಪಾದಕ ದಾಳಿಗೆ ಪ್ರತೀಕಾರವಾಗಿ "ಆಪರೇಷನ್ ಸಿಂಧೂರ್" ಅಡಿಯಲ್ಲಿ ಪಾಕಿಸ್ತಾನದ ಭಯೋತ್ಪಾದಕ ನೆಲೆಗಳ ಮೇಲೆ ಭಾರತ ದಾಳಿ ನಡೆಸಿತು. ಭಾರತವು ಯಾವುದೇ ಮೂರನೇ ಪಕ್ಷದ ಮಧ್ಯಸ್ಥಿಕೆಯನ್ನು ತಿರಸ್ಕರಿಸಿದೆ. ಪ್ರಧಾನಿ ಮೋದಿ 'ಮಹಾನ್ ವ್ಯಕ್ತಿ ಮತ್ತು ಸ್ನೇಹಿತ': ಟ್ರಂಪ್ ತುಂಬ ಇಳಿದಿದ್ದ ಡಿಪ್ಲೊಮೇಟಿಕ್ ಸಂಬಂಧಗಳನ್ನು ಸುಧಾರಿಸುವ ಉದ್ದೇಶದಿಂದ ಅಮೆರಿಕ ಅಧ್ಯಕ್ಷ ಟ್ರಂಪ್ ಭಾರತದ ಪ್ರಧಾನಿ ನರೇಂದ್ರ ಮೋದಿಯವರನ್ನು "ಮಹಾನ್ ವ್ಯಕ್ತಿ" ಮತ್ತು "ಸ್ನೇಹಿತ" ಎಂದು ಬಣ್ಣಿಸಿದರು. "ನಾವು ಮಾತುಕತೆ ನಡೆಸುತ್ತಿದ್ದೇವೆ. ಅವರು ರಷ್ಯಾದಿಂದ ತೈಲ ಖರೀದಿಯನ್ನು ನಿಲ್ಲಿಸಿದ್ದಾರೆ. ಅವರು ನನ್ನ ಸ್ನೇಹಿತ ಮತ್ತು ನಾವು ಮಾತನಾಡುತ್ತೇವೆ, ಅವರು ನಾನು ಅಲ್ಲಿಗೆ ಹೋಗಬೇಕೆಂದು ಬಯಸುತ್ತಾರೆ" ಎಂದು ಟ್ರಂಪ್ ಹೇಳಿದ್ದಾರೆ. ಮುಂದಿನ ವರ್ಷ ಭಾರತಕ್ಕೆ ಭೇಟಿ ನೀಡಬಹುದು ಎಂದು ಸುಳಿವು ನೀಡಿದರು.
ಶ್ರೀ ಅಂಕನಾಥೇಶ್ವರ ಸ್ವಾಮಿ ಪ್ರಸನ್ನ
ಎನ್.ಆರ್.ಮಿಲ್ಟ್ರಿ ಹೋಟೆಲ್
ಸಿಐಟಿ ಮತ್ತು ಕೆಂಪಣ್ಣಾಚಾರಿ ಪಬ್ಲಿಕ್ ಸ್ಕೂಲ್ ಹತ್ತಿರ,
ಬಟವಾಡಿ ರಸ್ತೆ, ತುಮಕೂರು
ಪ್ರತಿದಿನ ಬೆಳಗ್ಗೆ 10 ರಿಂದ ರಾತ್ರಿ 10.30 ಗಂಟೆವರೆಗೆ
ಬೆಳಗ್ಗೆ : 10 ರಿಂದ ಚಿಕನ್ ಬಿರಿಯಾನಿ, ಮಟನ್ ಬಿರಿಯಾನಿ, ಮುದ್ದೆ ಊಟ, ಚಿಕನ್ ಚಾಪ್ಸ್
ಮಧ್ಯಾಹ್ನ : ಮುದ್ದೆ ಊಟ, ಮಟನ್ ಊಟ, ಚಿಕನ್ ಊಟ, ಬೋಟಿ ಊಟ, ತಲೆಮಾಂಸ ಊಟ, ಚಿಕನ್ ಮಸಾಲ ಊಟ, ಮಟನ್ ಮಸಾಲ ಊಟ, ಚಿಕನ್ ಕಬಾಬ್, ಕಬಾಬ್, ಪರೋಟ, ಫಿಶ್ ಫ್ರೈ, ಚಿಕನ್ ಫ್ರೈ, ಮಟನ್ ಫ್ರೈ, ಚಿಕನ್ ಚಾಪ್ಸ್, ಮಟನ್ ಚಾಪ್ಸ್, ಮಟನ್ ಡ್ರೈ, ಚಿಕನ್ ಡ್ರೈ, ಬೋಟಿ ಡ್ರೈ, ಎಗ್ ಮಸಾಲ, ಎಗ್ ಫ್ರೈ, ಚಿಕನ್ ಕಬಾಬ್
ಸೋಮವಾರವೂ ತೆರೆದಿರುತ್ತದೆ
Non Veg Only
ಪಾರ್ಸಲ್ ದೊರೆಯುತ್ತದೆ ಸಂಪರ್ಕಿಸಿ
9986776520
